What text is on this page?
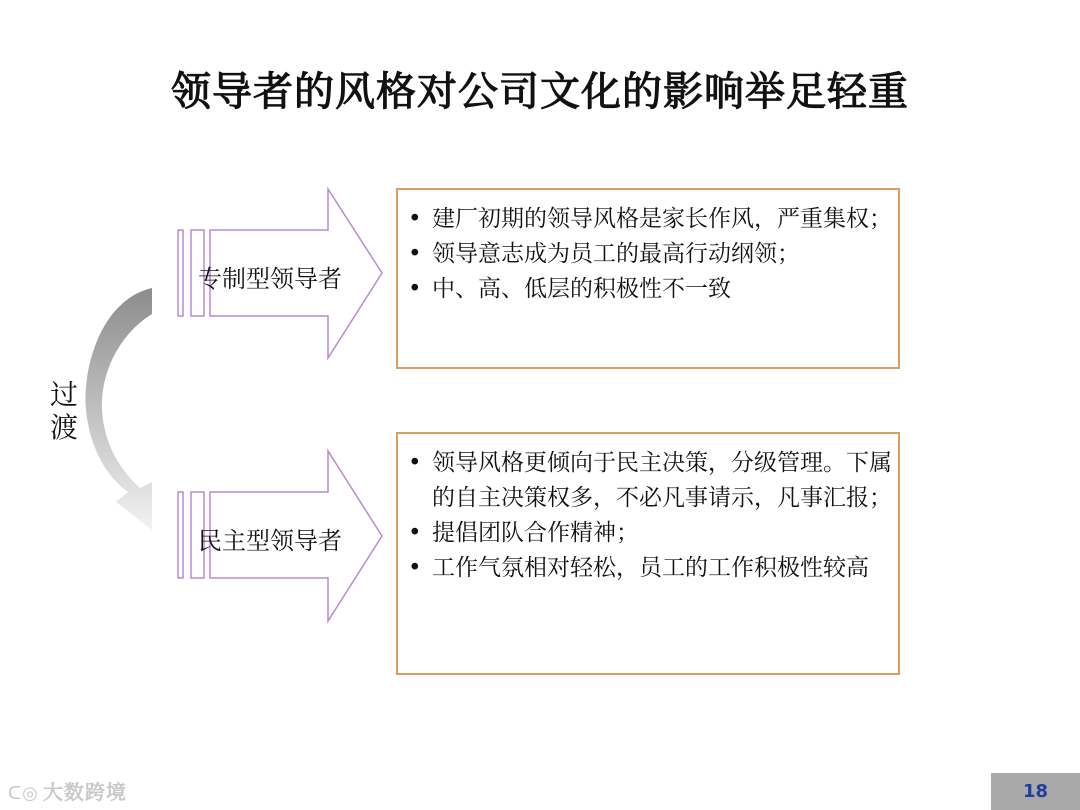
领导者的风格对公司文化的影响举足轻重
专制型领导者
民主型领导者
过渡
• 建厂初期的领导风格是家长作风，严重集权；
• 领导意志成为员工的最高行动纲领；
• 中、高、低层的积极性不一致
• 领导风格更倾向于民主决策，分级管理。下属的自主决策权多，不必凡事请示，凡事汇报；
• 提倡团队合作精神；
• 工作气氛相对轻松，员工的工作积极性较高
ᑕ◎ 大数跨境	18
